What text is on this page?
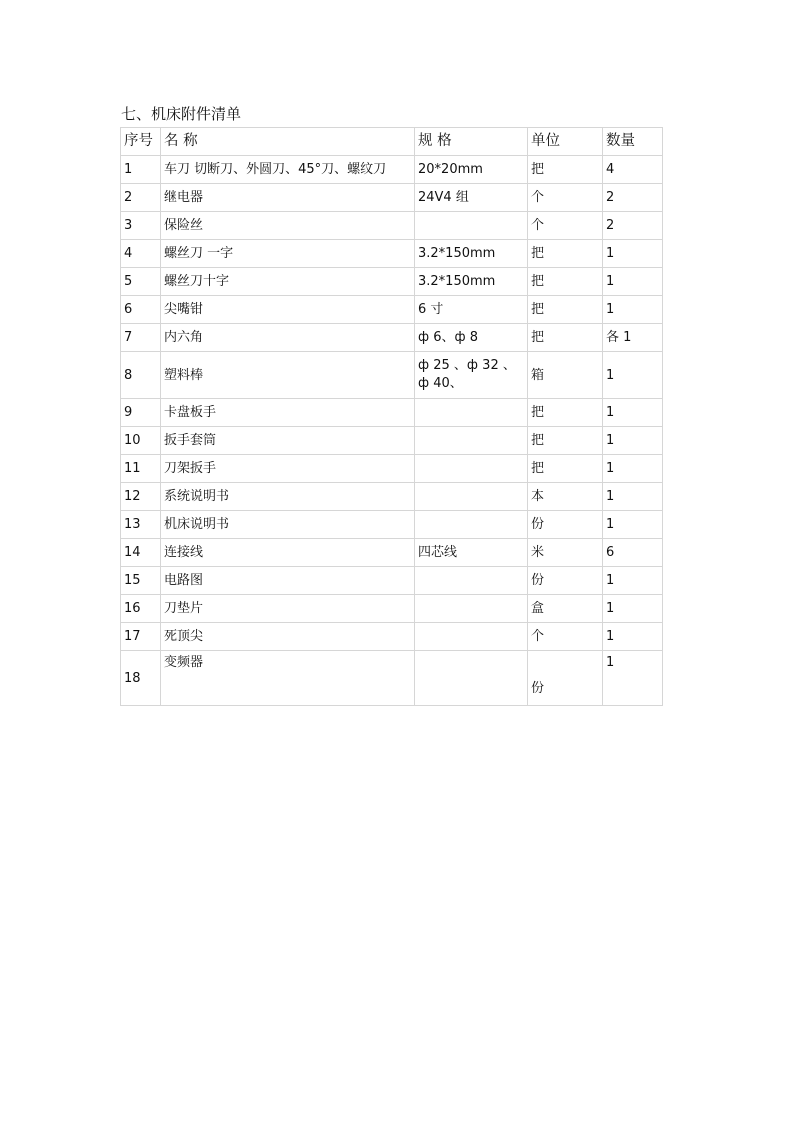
七、机床附件清单
序号	名 称	规 格	单位	数量
1	车刀 切断刀、外圆刀、45°刀、螺纹刀	20*20mm	把	4
2	继电器	24V4 组	个	2
3	保险丝		个	2
4	螺丝刀 一字	3.2*150mm	把	1
5	螺丝刀十字	3.2*150mm	把	1
6	尖嘴钳	6 寸	把	1
7	内六角	ф 6、ф 8	把	各 1
8	塑料棒	ф 25 、ф 32 、ф 40、	箱	1
9	卡盘板手		把	1
10	扳手套筒		把	1
11	刀架扳手		把	1
12	系统说明书		本	1
13	机床说明书		份	1
14	连接线	四芯线	米	6
15	电路图		份	1
16	刀垫片		盒	1
17	死顶尖		个	1
18	变频器		份	1
